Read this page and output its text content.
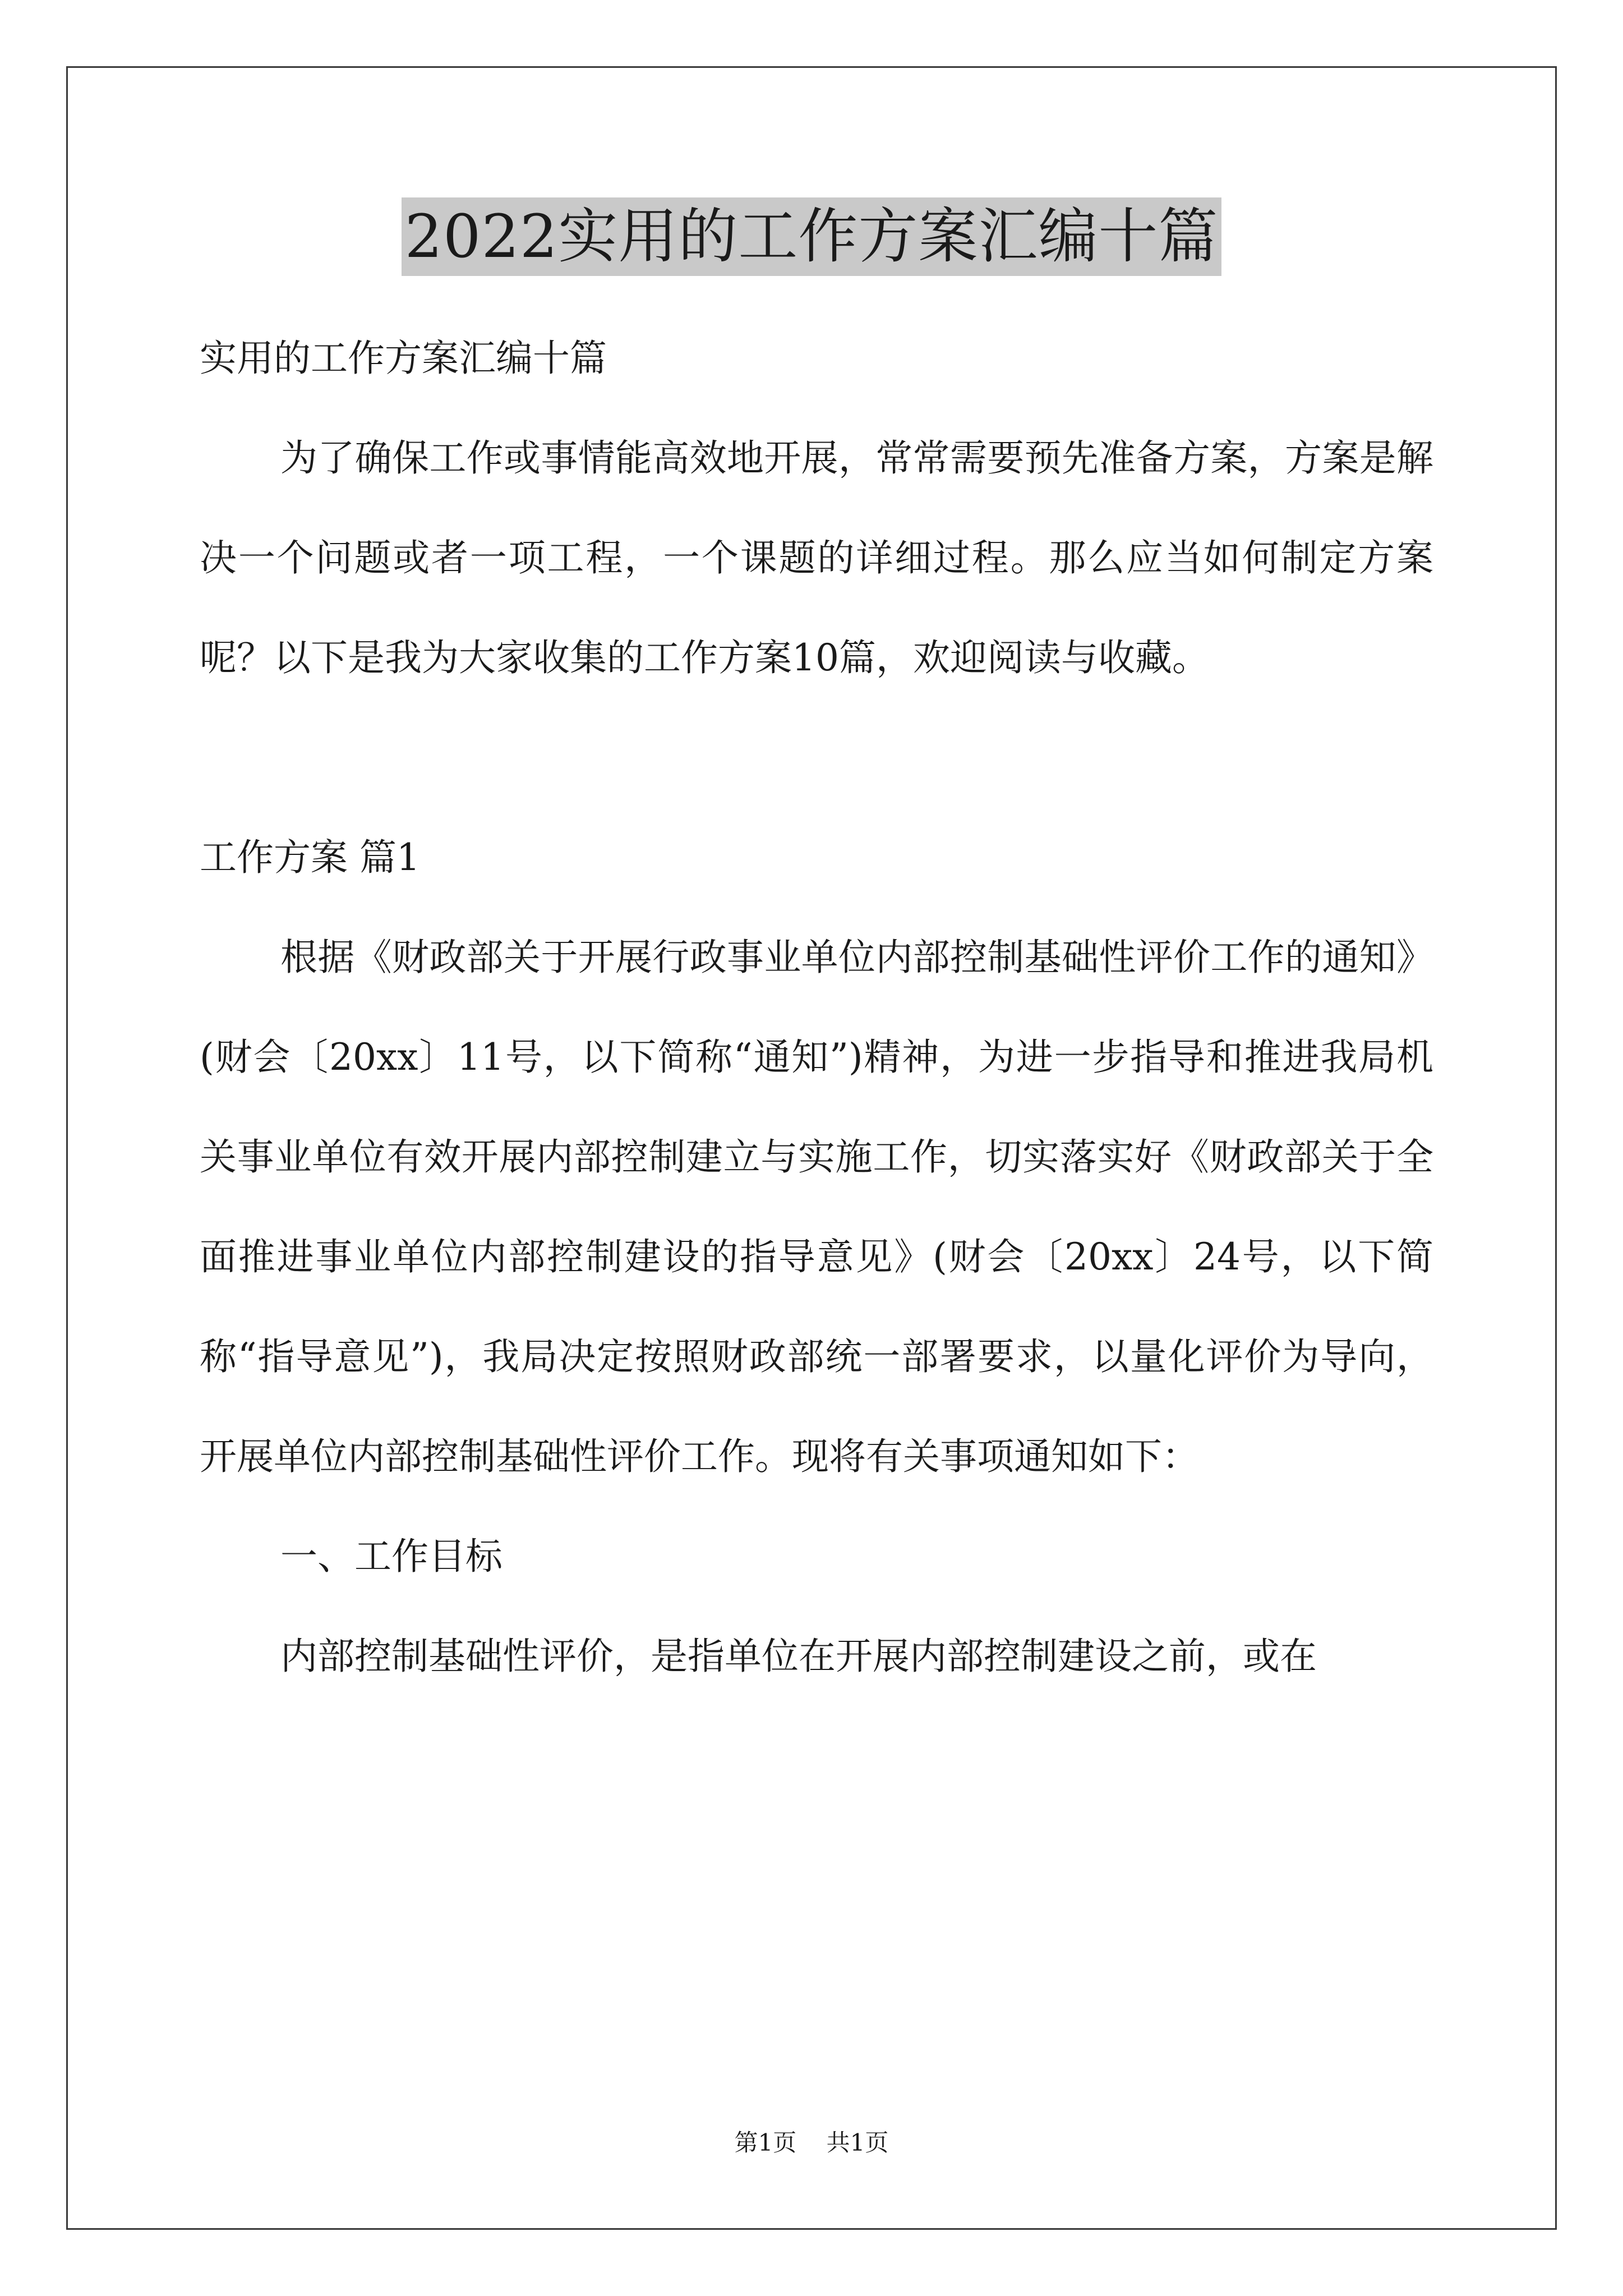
2022实用的工作方案汇编十篇

实用的工作方案汇编十篇

为了确保工作或事情能高效地开展，常常需要预先准备方案，方案是解决一个问题或者一项工程，一个课题的详细过程。那么应当如何制定方案呢？以下是我为大家收集的工作方案10篇，欢迎阅读与收藏。

工作方案 篇1

根据《财政部关于开展行政事业单位内部控制基础性评价工作的通知》(财会〔20xx〕11号，以下简称“通知”)精神，为进一步指导和推进我局机关事业单位有效开展内部控制建立与实施工作，切实落实好《财政部关于全面推进事业单位内部控制建设的指导意见》(财会〔20xx〕24号，以下简称“指导意见”)，我局决定按照财政部统一部署要求，以量化评价为导向，开展单位内部控制基础性评价工作。现将有关事项通知如下：

一、工作目标

内部控制基础性评价，是指单位在开展内部控制建设之前，或在

第1页 共1页
